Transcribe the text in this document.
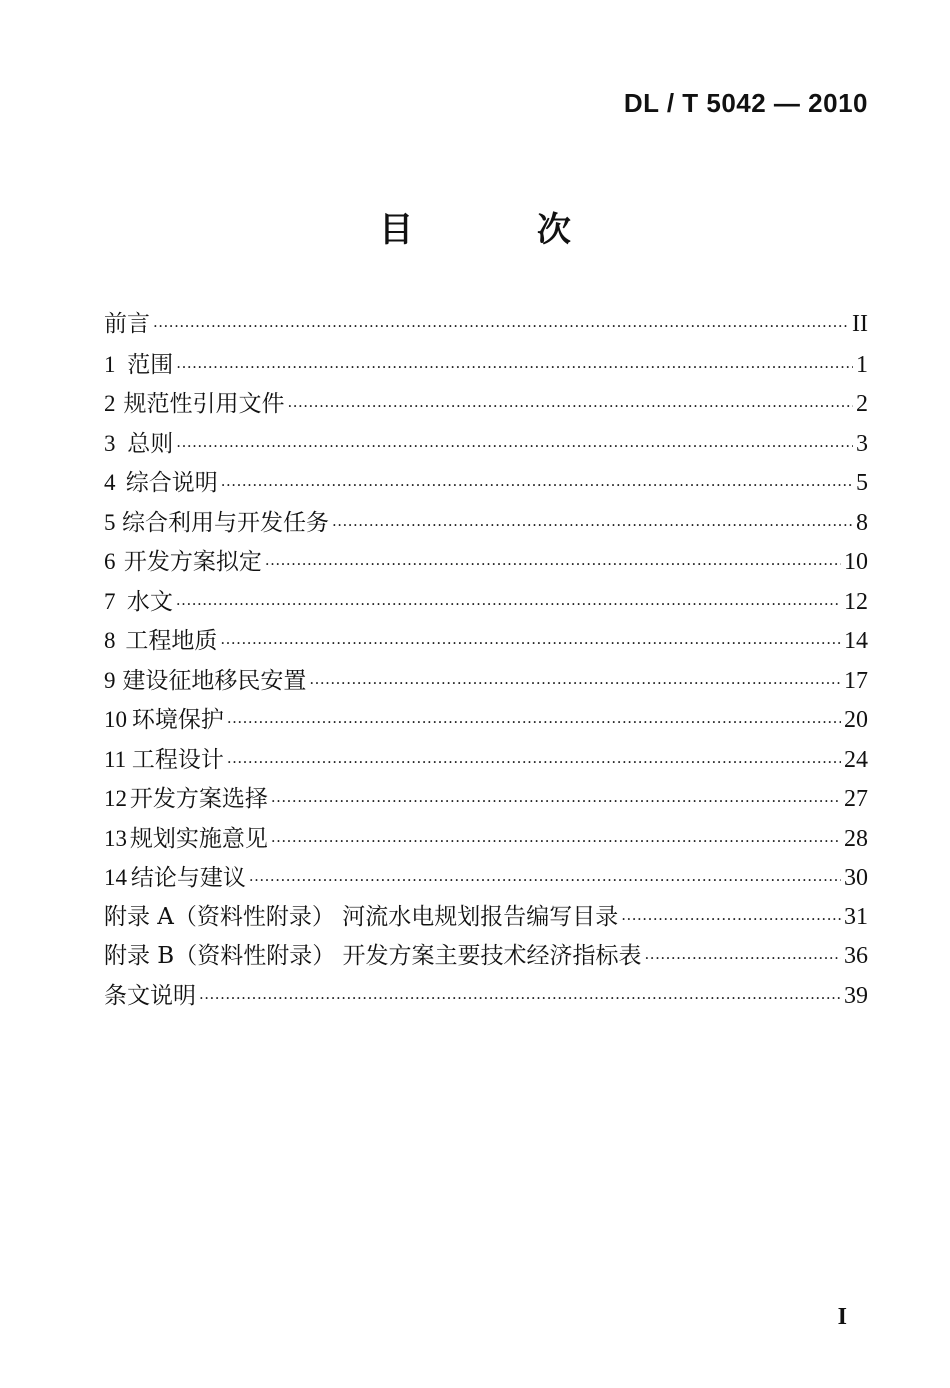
DL / T 5042 — 2010
目 次
前言 ·····	II
1 范围 ·····	1
2 规范性引用文件 ·····	2
3 总则 ·····	3
4 综合说明 ·····	5
5 综合利用与开发任务 ·····	8
6 开发方案拟定 ·····	10
7 水文 ·····	12
8 工程地质 ·····	14
9 建设征地移民安置 ·····	17
10 环境保护 ·····	20
11 工程设计 ·····	24
12 开发方案选择 ·····	27
13 规划实施意见 ·····	28
14 结论与建议 ·····	30
附录 A（资料性附录） 河流水电规划报告编写目录 ·····	31
附录 B（资料性附录） 开发方案主要技术经济指标表 ·····	36
条文说明 ·····	39
I
